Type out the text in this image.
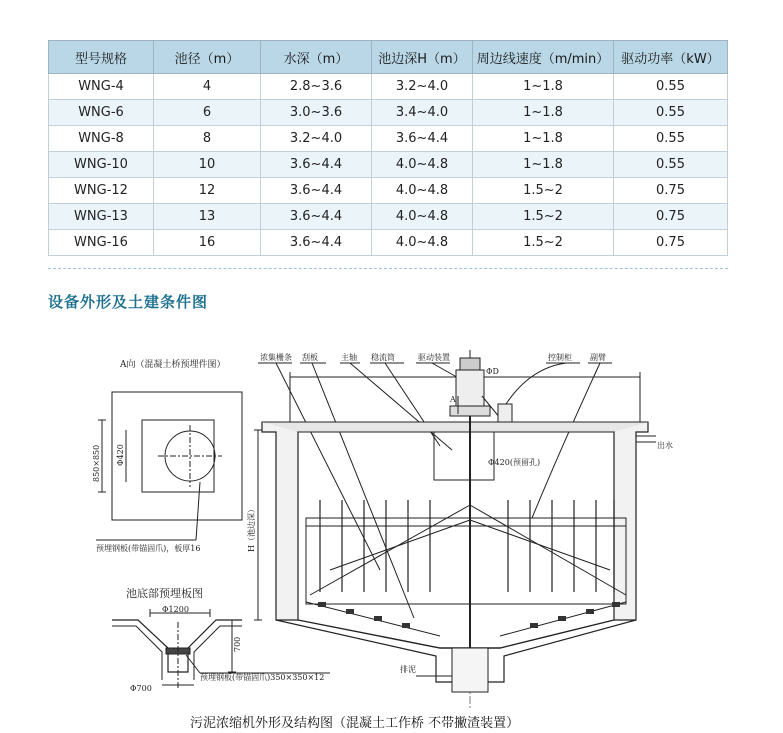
型号规格	池径（m）	水深（m）	池边深H（m）	周边线速度（m/min）	驱动功率（kW）
WNG-4	4	2.8~3.6	3.2~4.0	1~1.8	0.55
WNG-6	6	3.0~3.6	3.4~4.0	1~1.8	0.55
WNG-8	8	3.2~4.0	3.6~4.4	1~1.8	0.55
WNG-10	10	3.6~4.4	4.0~4.8	1~1.8	0.55
WNG-12	12	3.6~4.4	4.0~4.8	1.5~2	0.75
WNG-13	13	3.6~4.4	4.0~4.8	1.5~2	0.75
WNG-16	16	3.6~4.4	4.0~4.8	1.5~2	0.75
设备外形及土建条件图
A向（混凝土桥预埋件图）
850×850 Φ420
预埋钢板(带锚固爪)，板厚16
池底部预埋板图
Φ1200
700
Φ700
预埋钢板(带锚固爪)350×350×12
浓集栅条 刮板	主轴 稳流筒	驱动装置	控制柜 副臂
ΦD
A
出水
Φ420(预留孔)
H（池边深）
排泥
污泥浓缩机外形及结构图（混凝土工作桥 不带撇渣装置）
